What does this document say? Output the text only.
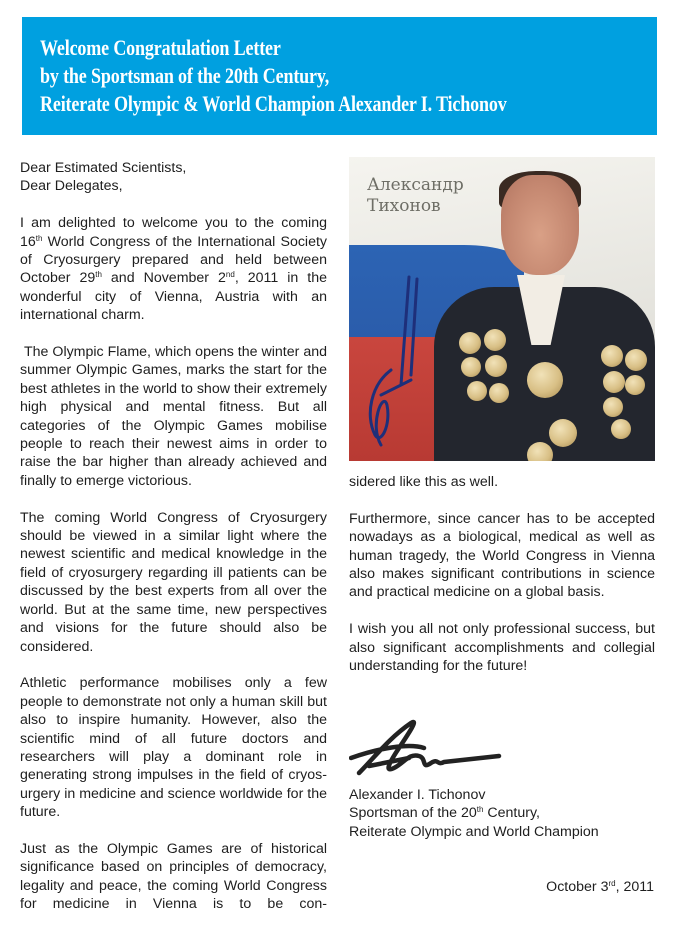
Welcome Congratulation Letter
by the Sportsman of the 20th Century,
Reiterate Olympic & World Champion Alexander I. Tichonov

Dear Estimated Scientists,
Dear Delegates,

I am delighted to welcome you to the coming 16th World Congress of the International Society of Cryosurgery prepared and held between October 29th and November 2nd, 2011 in the wonderful city of Vienna, Austria with an international charm.

The Olympic Flame, which opens the winter and summer Olympic Games, marks the start for the best athletes in the world to show their extremely high physical and mental fitness. But all categories of the Olympic Games mobilise people to reach their newest aims in order to raise the bar higher than already achieved and finally to emerge victorious.

The coming World Congress of Cryosurgery should be viewed in a similar light where the newest scientific and medical knowledge in the field of cryosurgery regarding ill patients can be discussed by the best experts from all over the world. But at the same time, new perspectives and visions for the future should also be considered.

Athletic performance mobilises only a few people to demonstrate not only a human skill but also to inspire humanity. However, also the scientific mind of all future doctors and researchers will play a dominant role in generating strong impulses in the field of cryosurgery in medicine and science worldwide for the future.

Just as the Olympic Games are of historical significance based on principles of democracy, legality and peace, the coming World Congress for medicine in Vienna is to be con-

Александр
Тихонов

sidered like this as well.

Furthermore, since cancer has to be accepted nowadays as a biological, medical as well as human tragedy, the World Congress in Vienna also makes significant contributions in science and practical medicine on a global basis.

I wish you all not only professional success, but also significant accomplishments and collegial understanding for the future!

Alexander I. Tichonov
Sportsman of the 20th Century,
Reiterate Olympic and World Champion
October 3rd, 2011
